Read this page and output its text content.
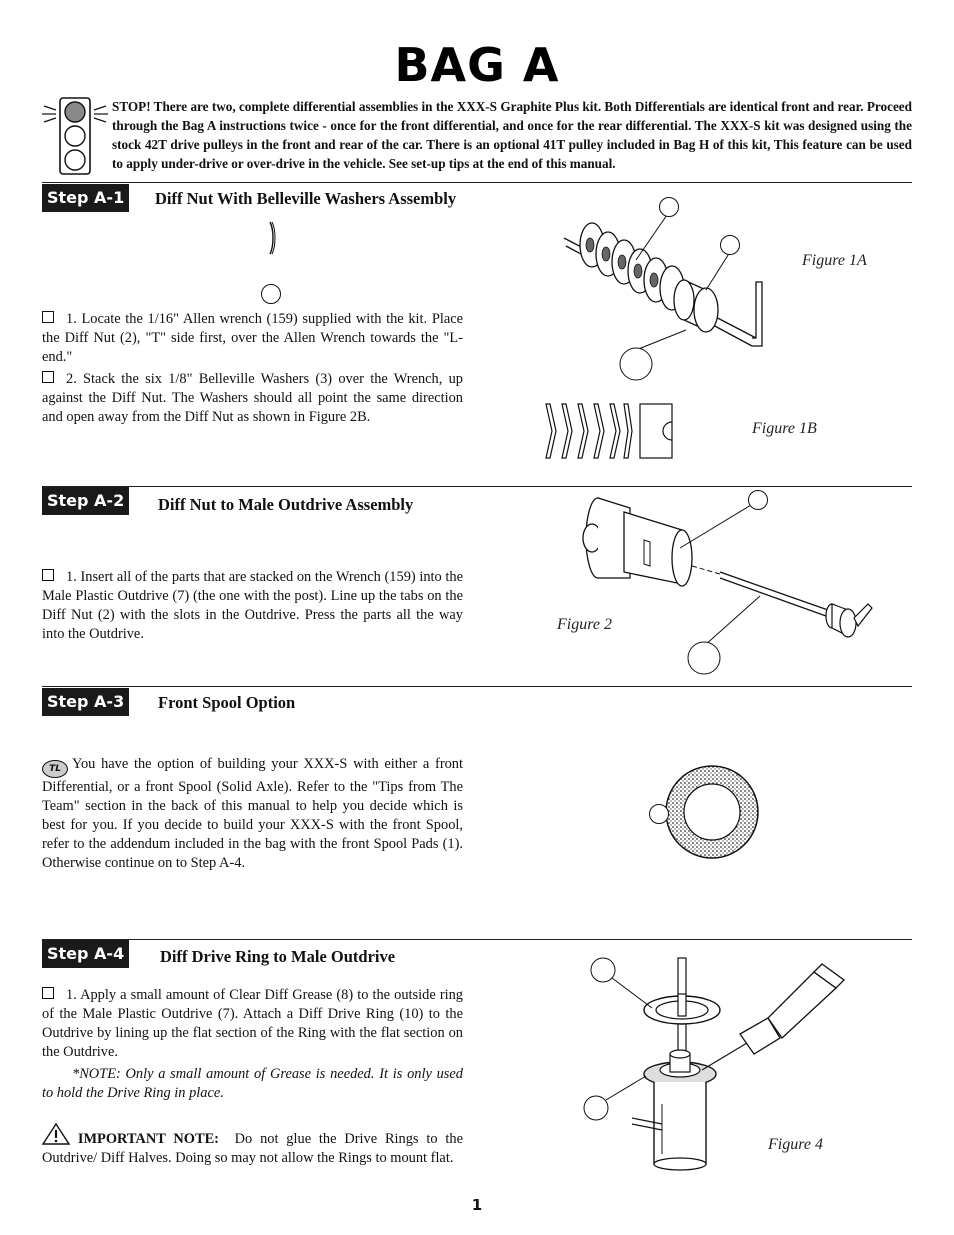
BAG A
STOP! There are two, complete differential assemblies in the XXX-S Graphite Plus kit. Both Differentials are identical front and rear. Proceed through the Bag A instructions twice - once for the front differential, and once for the rear differential. The XXX-S kit was designed using the stock 42T drive pulleys in the front and rear of the car. There is an optional 41T pulley included in Bag H of this kit, This feature can be used to apply under-drive or over-drive in the vehicle. See set-up tips at the end of this manual.
Step A-1	Diff Nut With Belleville Washers Assembly

1. Locate the 1/16" Allen wrench (159) supplied with the kit. Place the Diff Nut (2), "T" side first, over the Allen Wrench towards the "L-end."

2. Stack the six 1/8" Belleville Washers (3) over the Wrench, up against the Diff Nut. The Washers should all point the same direction and open away from the Diff Nut as shown in Figure 2B.

Figure 1A
Figure 1B
Step A-2	Diff Nut to Male Outdrive Assembly

1. Insert all of the parts that are stacked on the Wrench (159) into the Male Plastic Outdrive (7) (the one with the post). Line up the tabs on the Diff Nut (2) with the slots in the Outdrive. Press the parts all the way into the Outdrive.

Figure 2
Step A-3	Front Spool Option

TL You have the option of building your XXX-S with either a front Differential, or a front Spool (Solid Axle). Refer to the "Tips from The Team" section in the back of this manual to help you decide which is best for you. If you decide to build your XXX-S with the front Spool, refer to the addendum included in the bag with the front Spool Pads (1). Otherwise continue on to Step A-4.

Step A-4	Diff Drive Ring to Male Outdrive

1. Apply a small amount of Clear Diff Grease (8) to the outside ring of the Male Plastic Outdrive (7). Attach a Diff Drive Ring (10) to the Outdrive by lining up the flat section of the Ring with the flat section on the Outdrive.

*NOTE: Only a small amount of Grease is needed. It is only used to hold the Drive Ring in place.

IMPORTANT NOTE: Do not glue the Drive Rings to the Outdrive/ Diff Halves. Doing so may not allow the Rings to mount flat.

Figure 4
1
